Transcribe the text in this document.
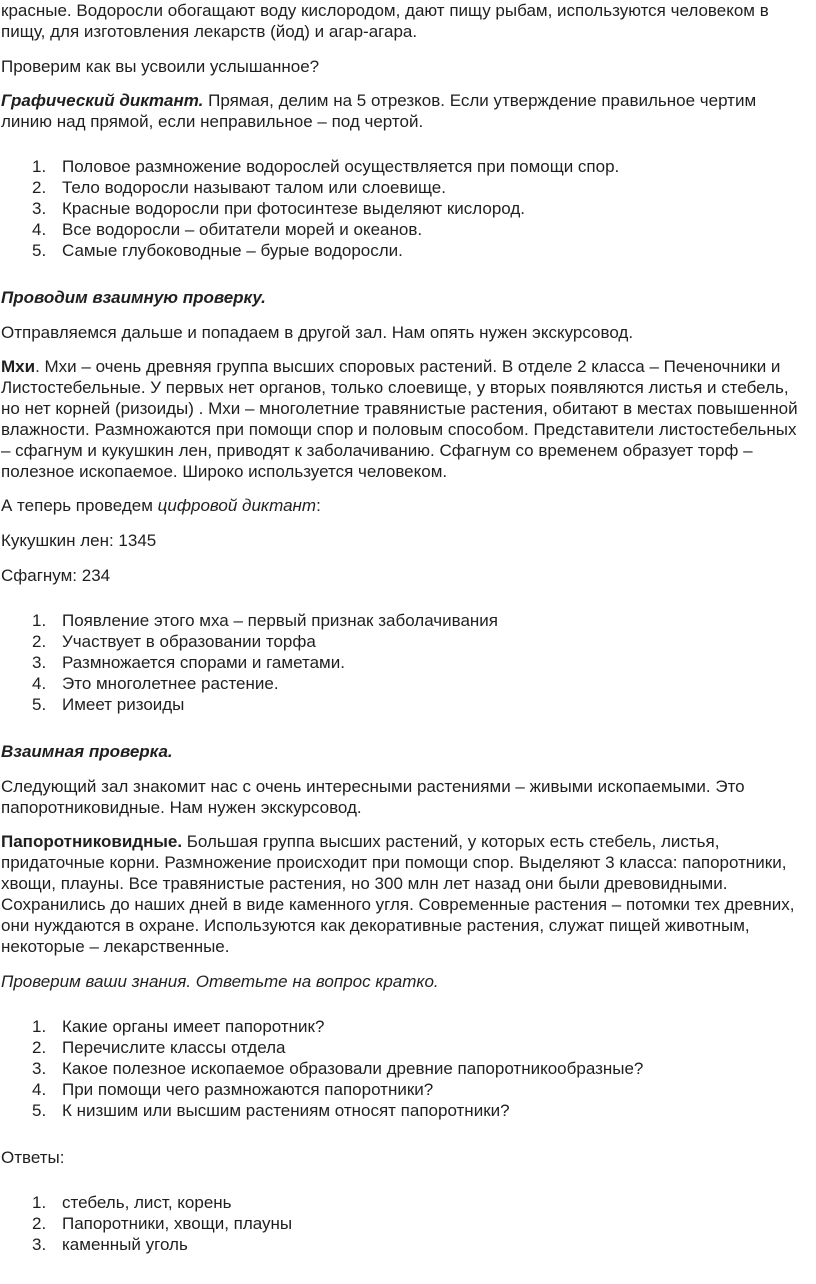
красные. Водоросли обогащают воду кислородом, дают пищу рыбам, используются человеком в пищу, для изготовления лекарств (йод) и агар-агара.

Проверим как вы усвоили услышанное?

Графический диктант. Прямая, делим на 5 отрезков. Если утверждение правильное чертим линию над прямой, если неправильное – под чертой.

1. Половое размножение водорослей осуществляется при помощи спор.
2. Тело водоросли называют талом или слоевище.
3. Красные водоросли при фотосинтезе выделяют кислород.
4. Все водоросли – обитатели морей и океанов.
5. Самые глубоководные – бурые водоросли.

Проводим взаимную проверку.

Отправляемся дальше и попадаем в другой зал. Нам опять нужен экскурсовод.

Мхи. Мхи – очень древняя группа высших споровых растений. В отделе 2 класса – Печеночники и Листостебельные. У первых нет органов, только слоевище, у вторых появляются листья и стебель, но нет корней (ризоиды) . Мхи – многолетние травянистые растения, обитают в местах повышенной влажности. Размножаются при помощи спор и половым способом. Представители листостебельных – сфагнум и кукушкин лен, приводят к заболачиванию. Сфагнум со временем образует торф – полезное ископаемое. Широко используется человеком.

А теперь проведем цифровой диктант:

Кукушкин лен: 1345

Сфагнум: 234

1. Появление этого мха – первый признак заболачивания
2. Участвует в образовании торфа
3. Размножается спорами и гаметами.
4. Это многолетнее растение.
5. Имеет ризоиды

Взаимная проверка.

Следующий зал знакомит нас с очень интересными растениями – живыми ископаемыми. Это папоротниковидные. Нам нужен экскурсовод.

Папоротниковидные. Большая группа высших растений, у которых есть стебель, листья, придаточные корни. Размножение происходит при помощи спор. Выделяют 3 класса: папоротники, хвощи, плауны. Все травянистые растения, но 300 млн лет назад они были древовидными. Сохранились до наших дней в виде каменного угля. Современные растения – потомки тех древних, они нуждаются в охране. Используются как декоративные растения, служат пищей животным, некоторые – лекарственные.

Проверим ваши знания. Ответьте на вопрос кратко.

1. Какие органы имеет папоротник?
2. Перечислите классы отдела
3. Какое полезное ископаемое образовали древние папоротникообразные?
4. При помощи чего размножаются папоротники?
5. К низшим или высшим растениям относят папоротники?

Ответы:

1. стебель, лист, корень
2. Папоротники, хвощи, плауны
3. каменный уголь
